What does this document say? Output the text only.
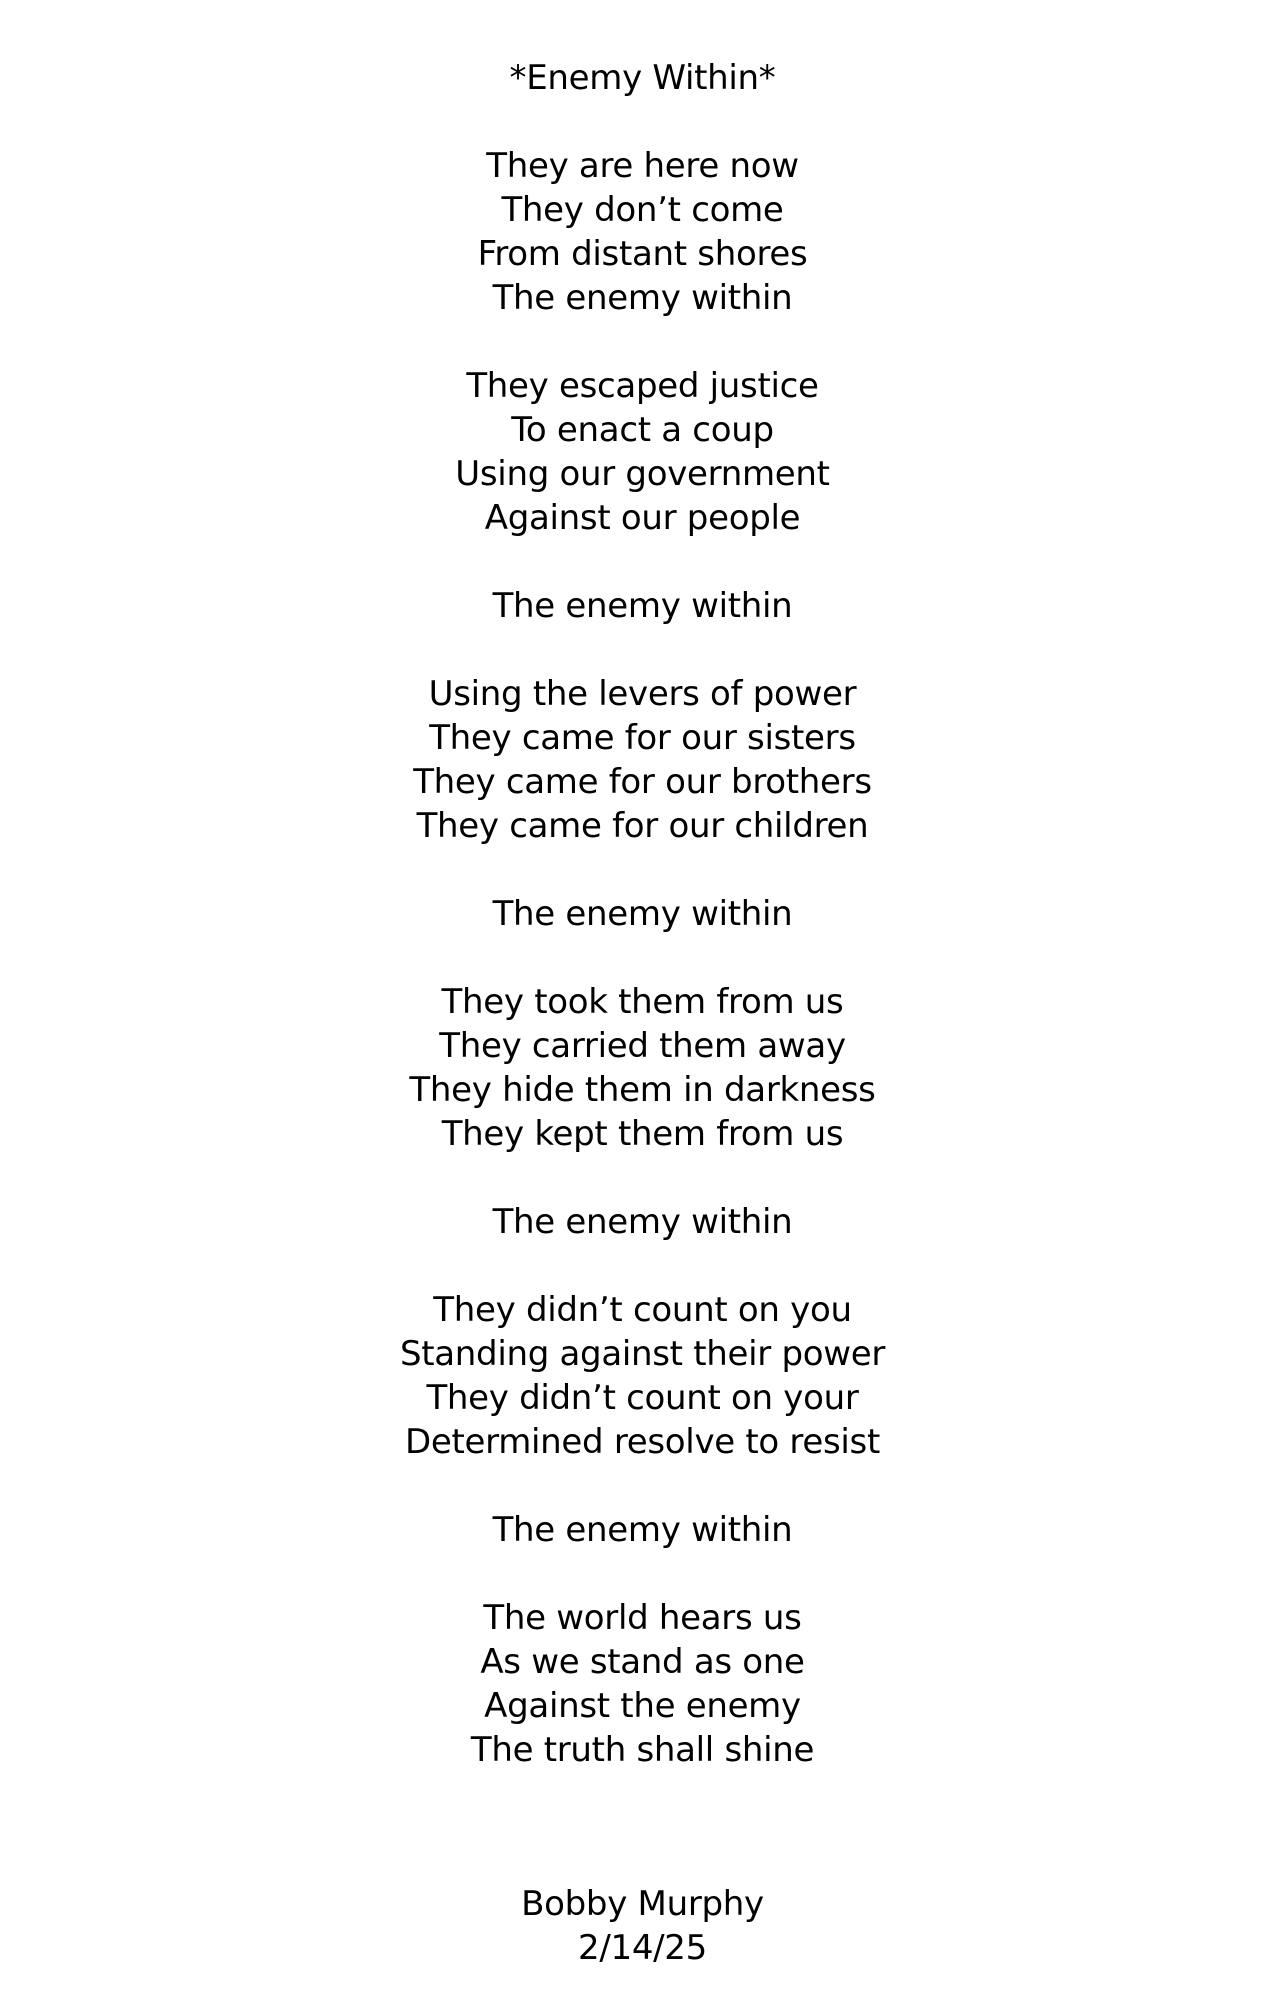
*Enemy Within*
They are here now
They don’t come
From distant shores
The enemy within
They escaped justice
To enact a coup
Using our government
Against our people
The enemy within
Using the levers of power
They came for our sisters
They came for our brothers
They came for our children
The enemy within
They took them from us
They carried them away
They hide them in darkness
They kept them from us
The enemy within
They didn’t count on you
Standing against their power
They didn’t count on your
Determined resolve to resist
The enemy within
The world hears us
As we stand as one
Against the enemy
The truth shall shine
Bobby Murphy
2/14/25
